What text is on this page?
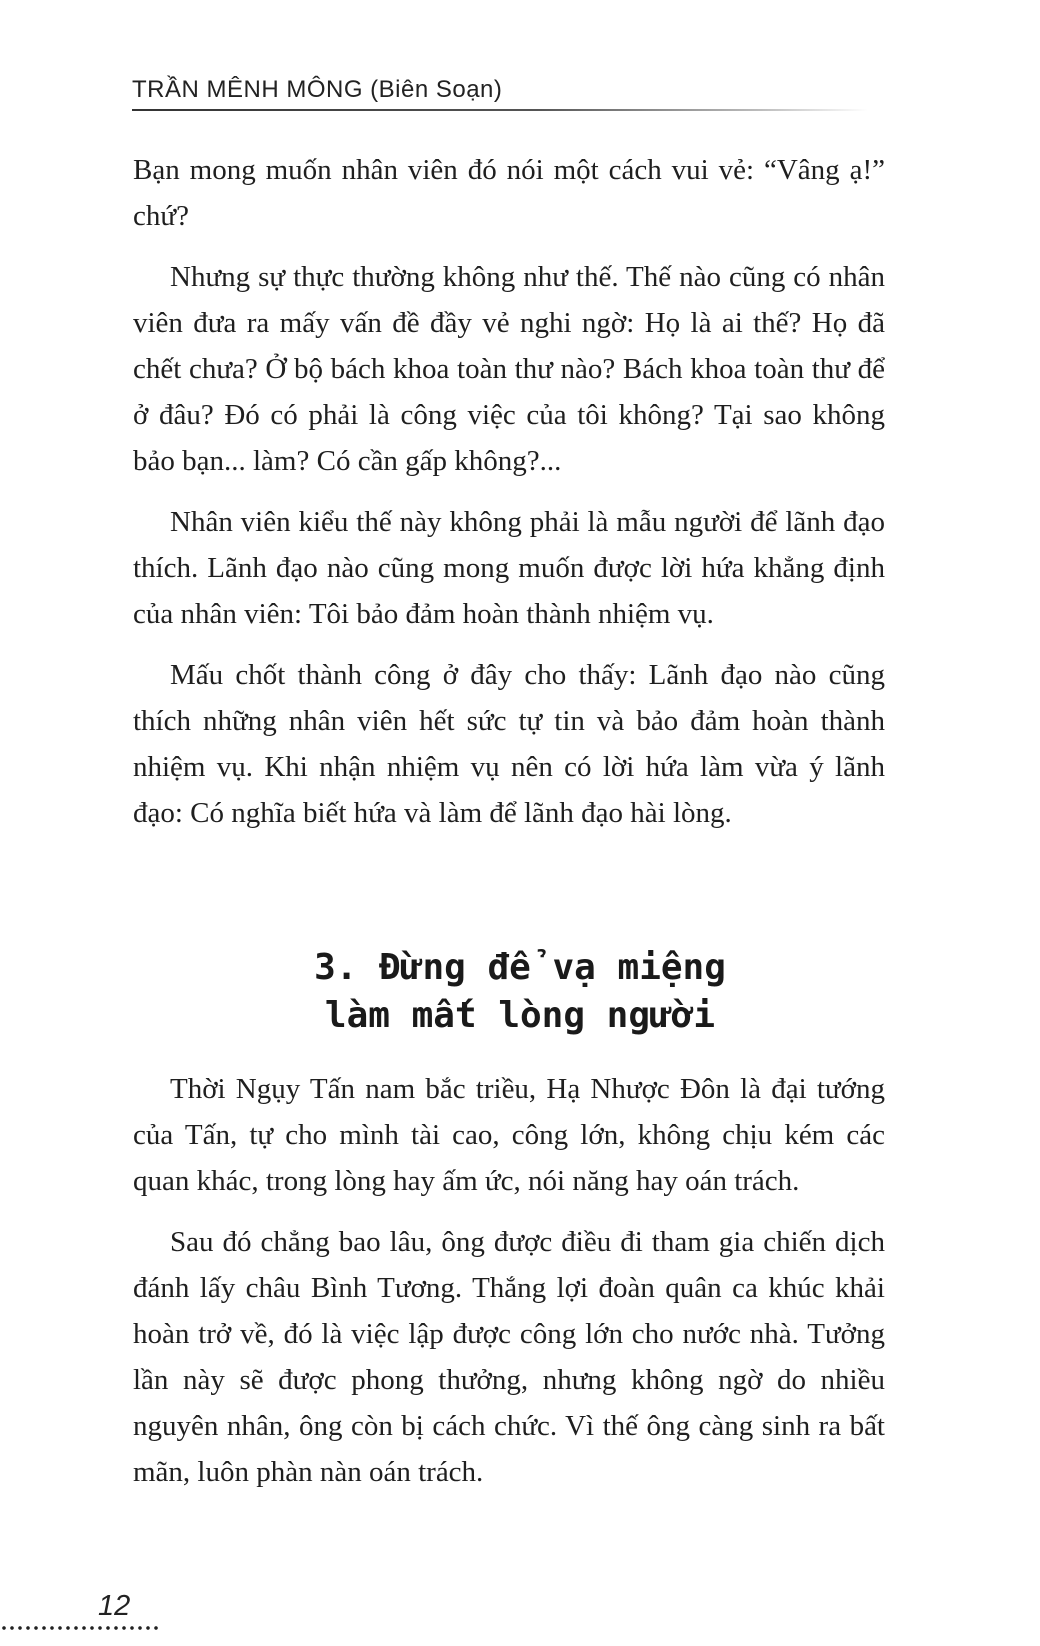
TRẦN MÊNH MÔNG (Biên Soạn)

Bạn mong muốn nhân viên đó nói một cách vui vẻ: “Vâng ạ!” chứ?

Nhưng sự thực thường không như thế. Thế nào cũng có nhân viên đưa ra mấy vấn đề đầy vẻ nghi ngờ: Họ là ai thế? Họ đã chết chưa? Ở bộ bách khoa toàn thư nào? Bách khoa toàn thư để ở đâu? Đó có phải là công việc của tôi không? Tại sao không bảo bạn... làm? Có cần gấp không?...

Nhân viên kiểu thế này không phải là mẫu người để lãnh đạo thích. Lãnh đạo nào cũng mong muốn được lời hứa khẳng định của nhân viên: Tôi bảo đảm hoàn thành nhiệm vụ.

Mấu chốt thành công ở đây cho thấy: Lãnh đạo nào cũng thích những nhân viên hết sức tự tin và bảo đảm hoàn thành nhiệm vụ. Khi nhận nhiệm vụ nên có lời hứa làm vừa ý lãnh đạo: Có nghĩa biết hứa và làm để lãnh đạo hài lòng.

3. Đừng để vạ miệng
làm mất lòng người

Thời Ngụy Tấn nam bắc triều, Hạ Nhược Đôn là đại tướng của Tấn, tự cho mình tài cao, công lớn, không chịu kém các quan khác, trong lòng hay ấm ức, nói năng hay oán trách.

Sau đó chẳng bao lâu, ông được điều đi tham gia chiến dịch đánh lấy châu Bình Tương. Thắng lợi đoàn quân ca khúc khải hoàn trở về, đó là việc lập được công lớn cho nước nhà. Tưởng lần này sẽ được phong thưởng, nhưng không ngờ do nhiều nguyên nhân, ông còn bị cách chức. Vì thế ông càng sinh ra bất mãn, luôn phàn nàn oán trách.

12
